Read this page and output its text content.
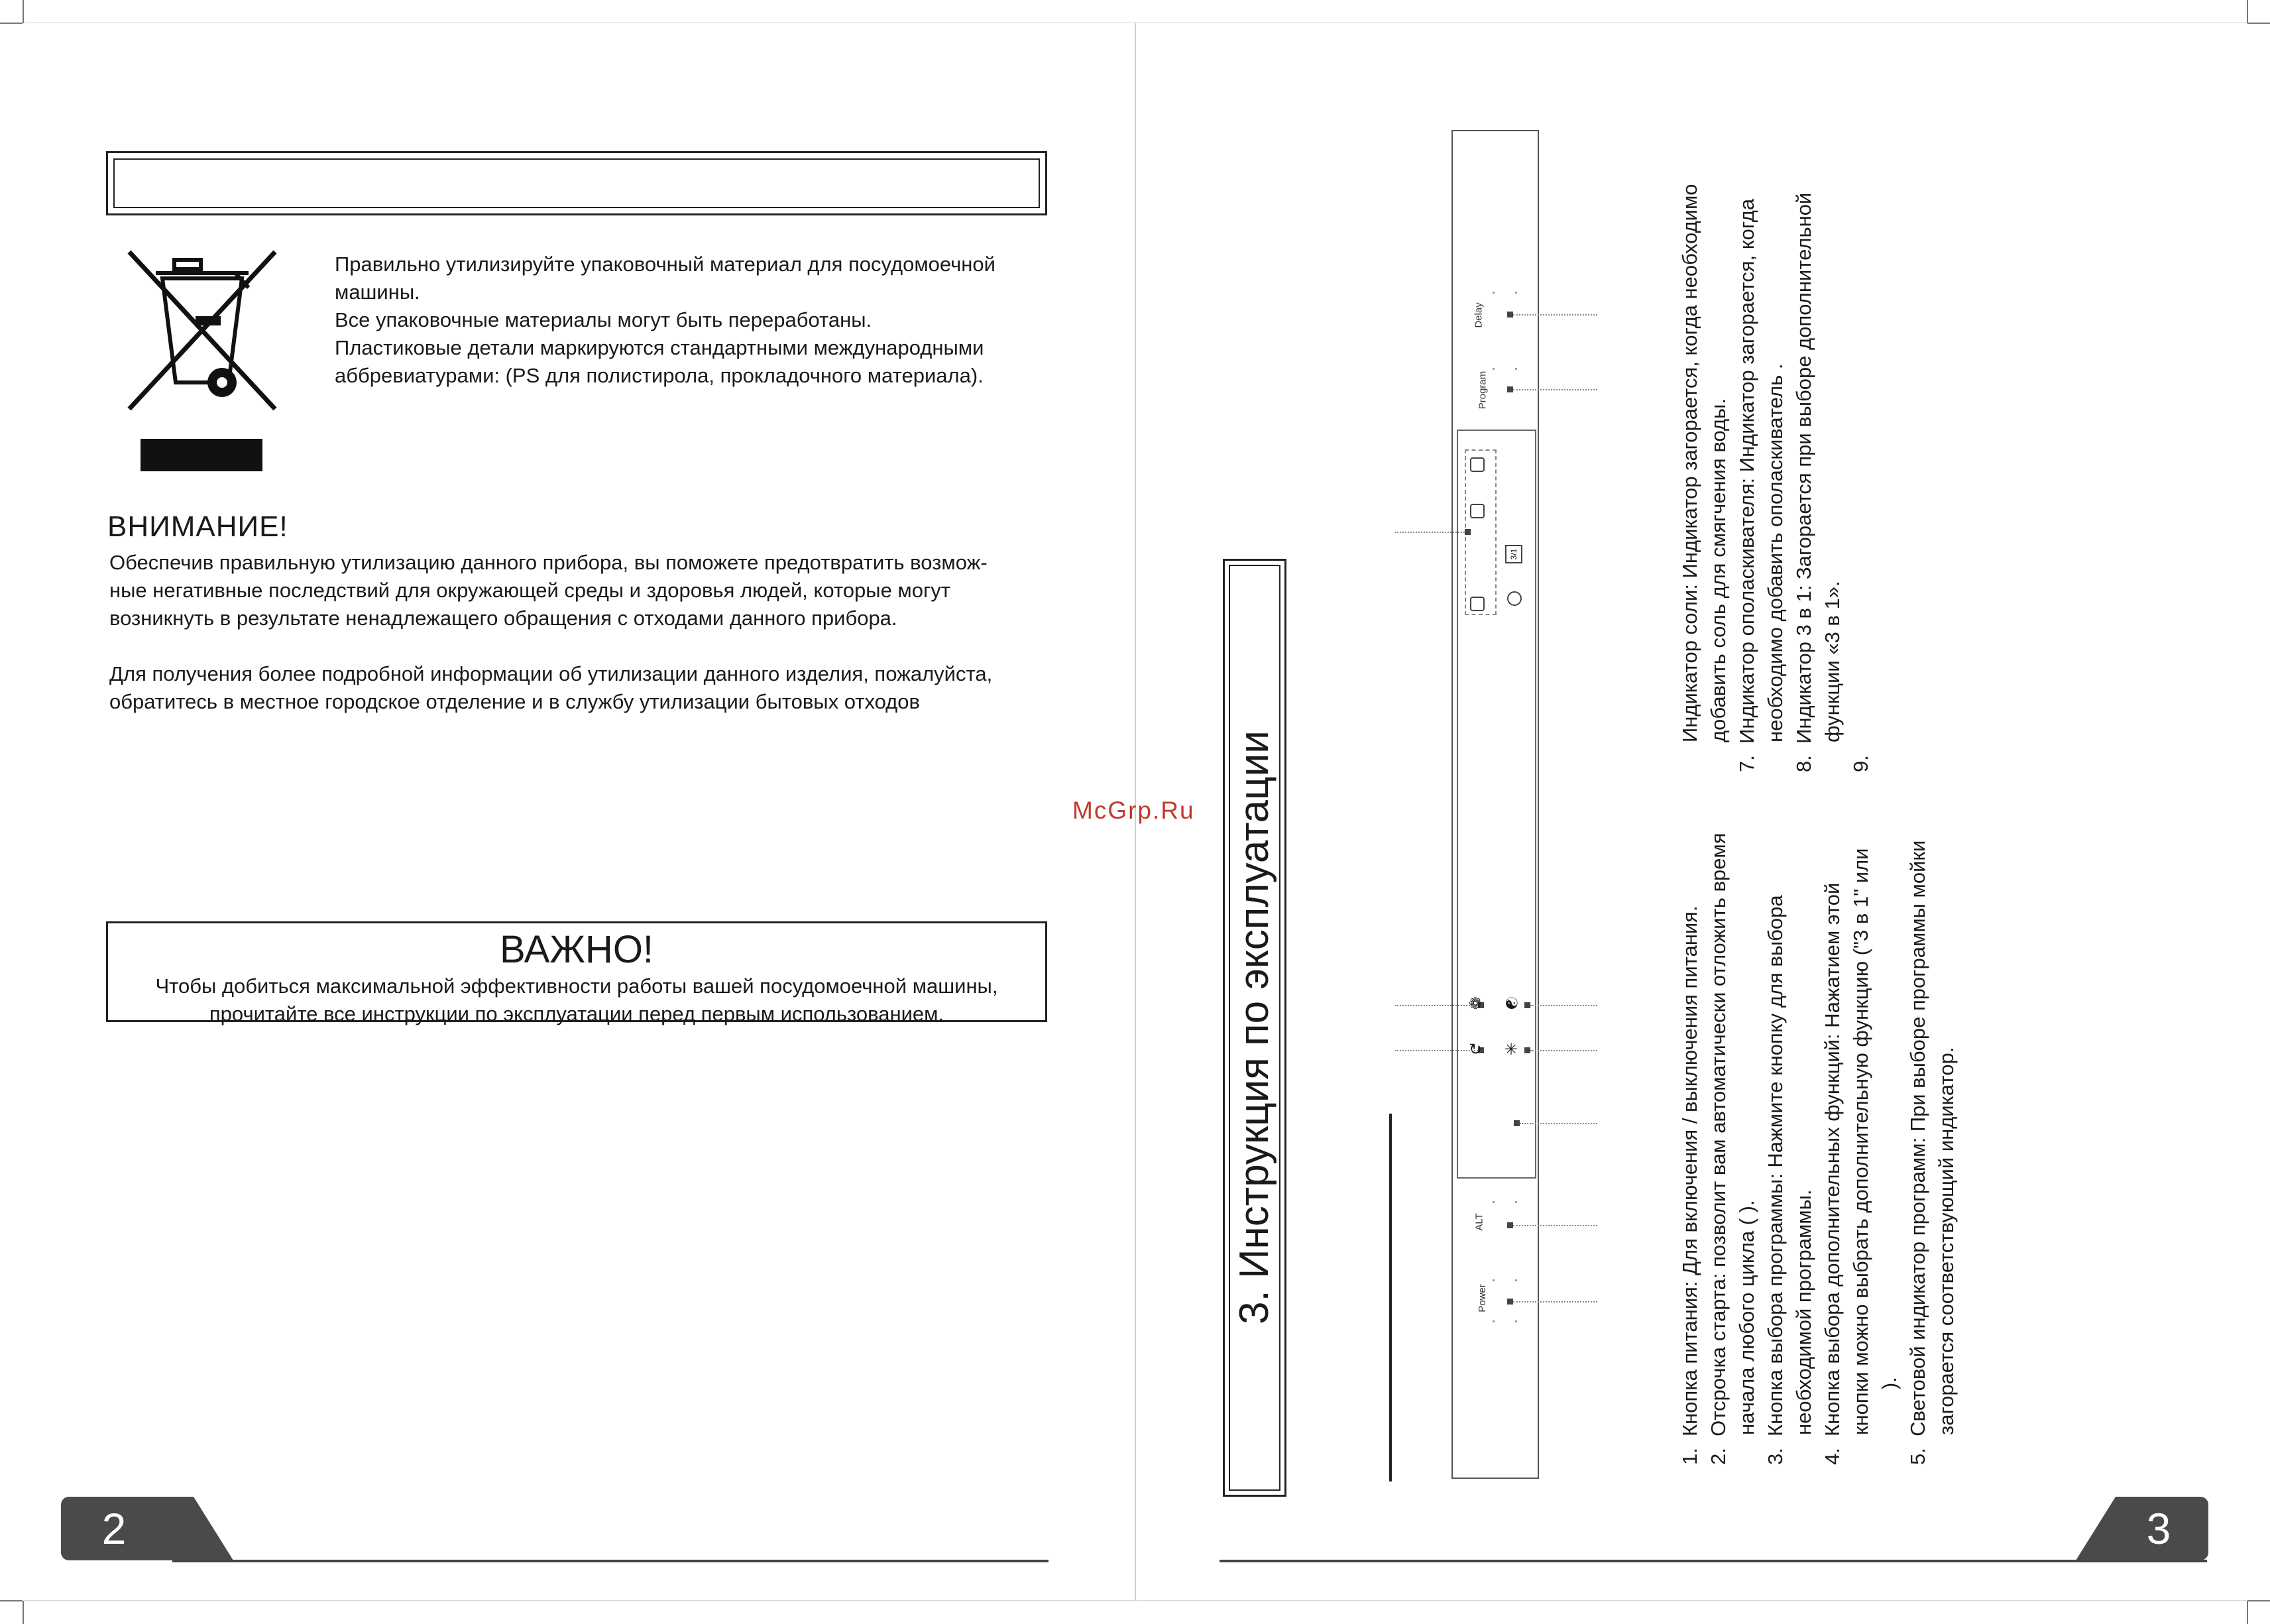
Правильно утилизируйте упаковочный материал для посудомоечной
машины.
Все упаковочные материалы могут быть переработаны.
Пластиковые детали маркируются стандартными международными
аббревиатурами: (PS для полистирола, прокладочного материала).
ВНИМАНИЕ!
Обеспечив правильную утилизацию данного прибора, вы поможете предотвратить возмож-
ные негативные последствий для окружающей среды и здоровья людей, которые могут
возникнуть в результате ненадлежащего обращения с отходами данного прибора.
Для получения более подробной информации об утилизации данного изделия, пожалуйста,
обратитесь в местное городское отделение и в службу утилизации бытовых отходов
ВАЖНО!
Чтобы добиться максимальной эффективности работы вашей посудомоечной машины,
прочитайте все инструкции по эксплуатации перед первым использованием.
2
McGrp.Ru 3. Инструкция по эксплуатации	Power
ALT
Program
Delay
3/1
❁ ☯
↻ ✳
1.  Кнопка питания: Для включения / выключения питания.
2.  Отсрочка старта: позволит вам автоматически отложить время начала любого цикла ( ).
3.  Кнопка выбора программы: Нажмите кнопку для выбора необходимой программы.
4.  Кнопка выбора дополнительных функций: Нажатием этой кнопки можно выбрать дополнительную функцию ("3 в 1" или ).
5.  Световой индикатор программ: При выборе программы мойки загорается соответствующий индикатор.
Индикатор соли: Индикатор загорается, когда необходимо добавить соль для смягчения воды.
7.  Индикатор ополаскивателя: Индикатор загорается, когда необходимо добавить ополаскиватель .
8.  Индикатор 3 в 1: Загорается при выборе дополнительной функции «3 в 1».
9.
3
